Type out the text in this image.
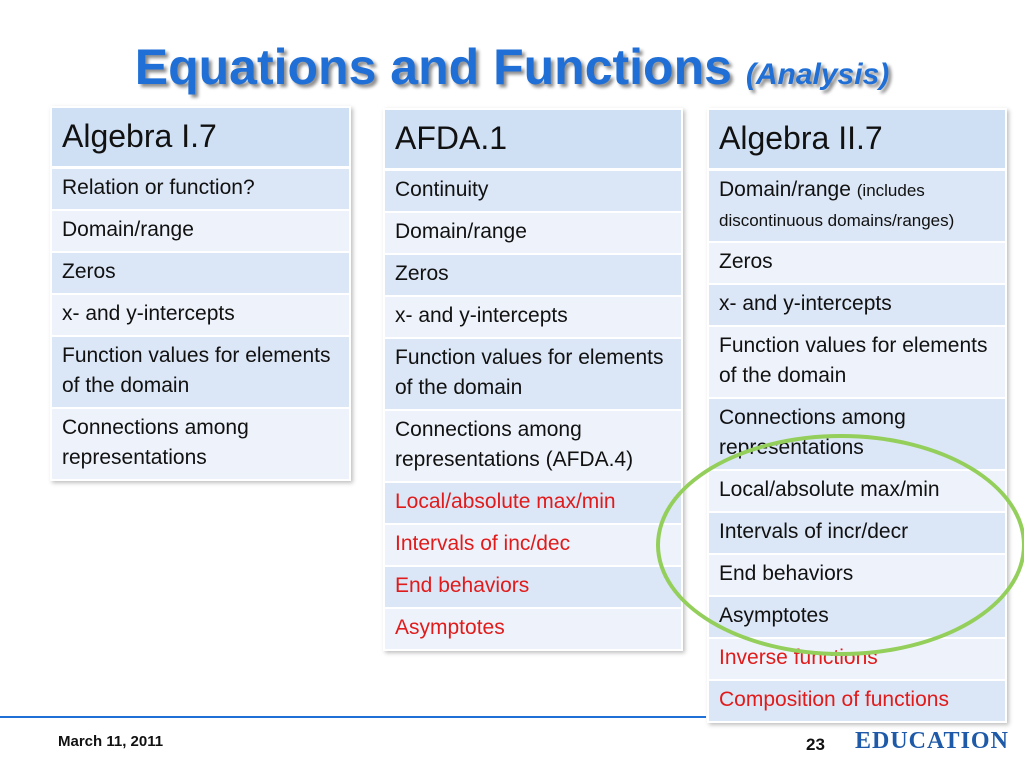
Equations and Functions (Analysis)
Algebra I.7
Relation or function?
Domain/range
Zeros
x- and y-intercepts
Function values for elements of the domain
Connections among representations
AFDA.1
Continuity
Domain/range
Zeros
x- and y-intercepts
Function values for elements of the domain
Connections among representations (AFDA.4)
Local/absolute max/min
Intervals of inc/dec
End behaviors
Asymptotes
Algebra II.7
Domain/range (includes discontinuous domains/ranges)
Zeros
x- and y-intercepts
Function values for elements of the domain
Connections among representations
Local/absolute max/min
Intervals of incr/decr
End behaviors
Asymptotes
Inverse functions
Composition of functions
March 11, 2011	23 EDUCATION
